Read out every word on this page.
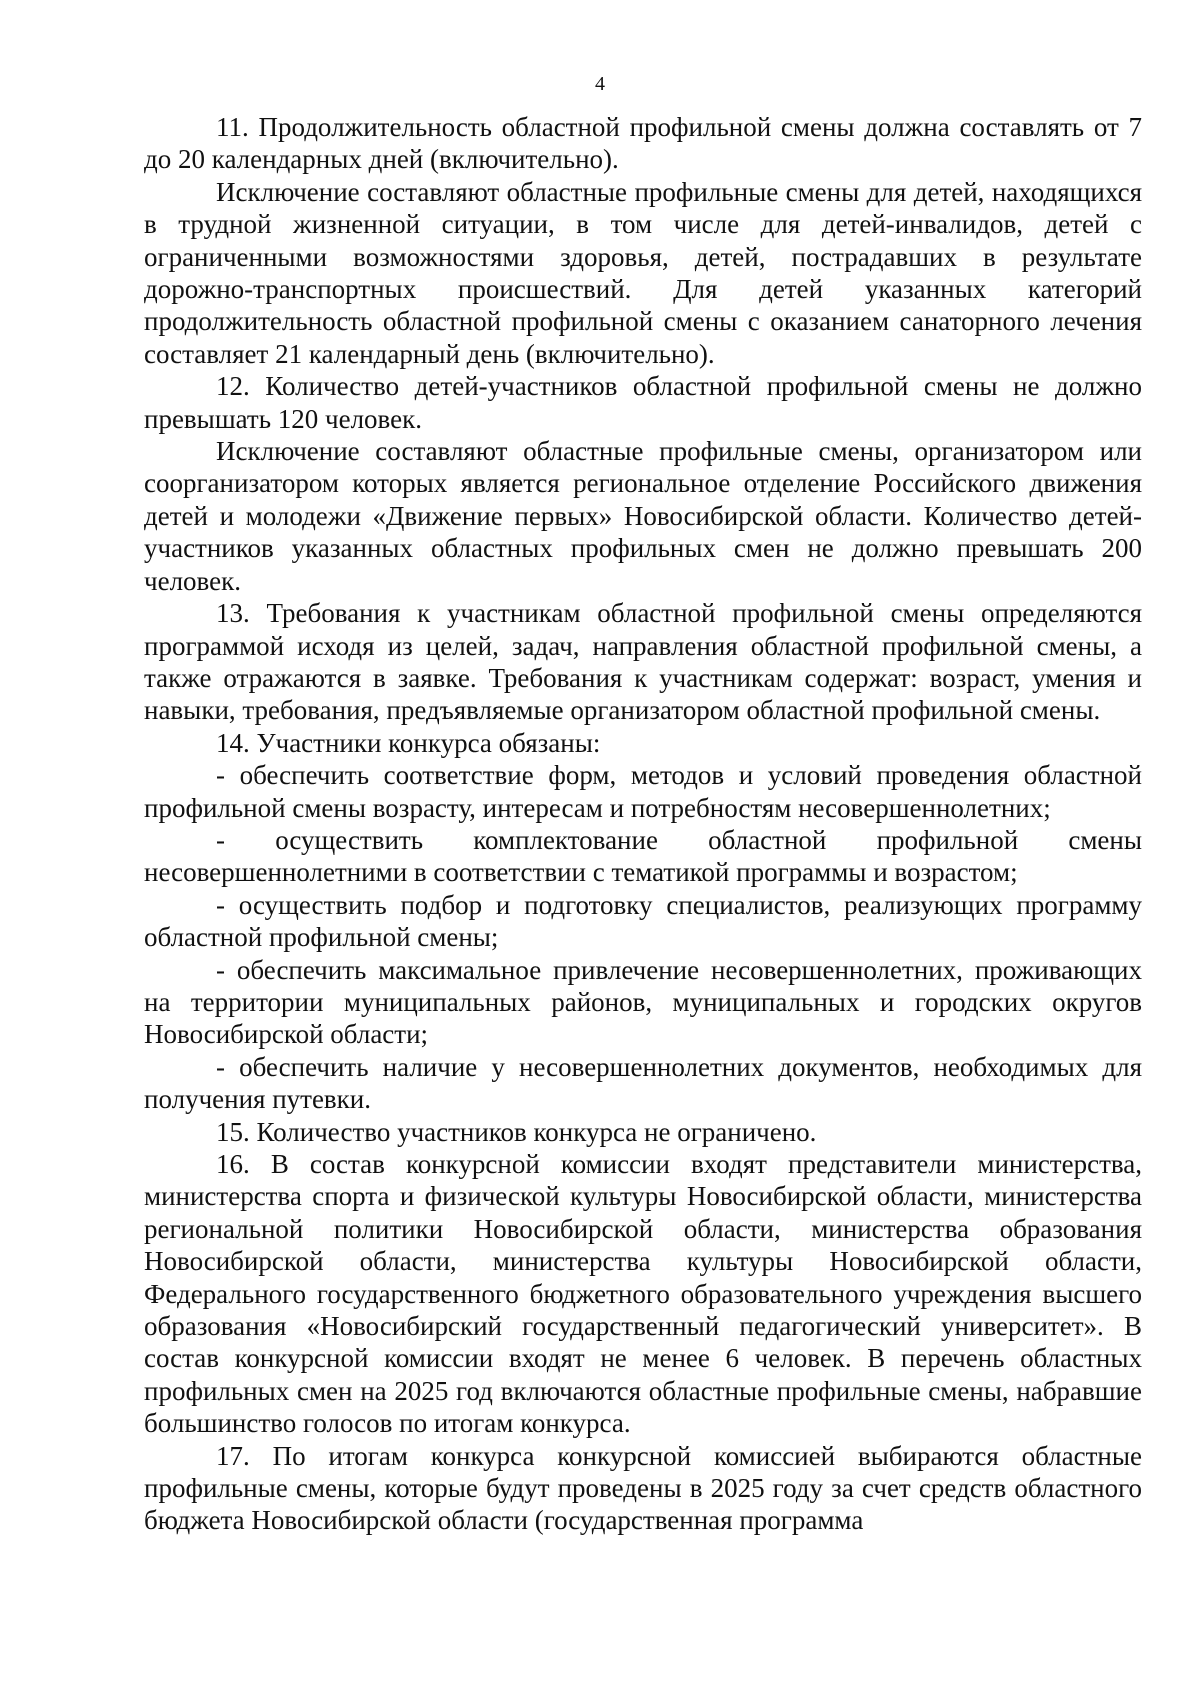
4

11. Продолжительность областной профильной смены должна составлять от 7 до 20 календарных дней (включительно).

Исключение составляют областные профильные смены для детей, находящихся в трудной жизненной ситуации, в том числе для детей-инвалидов, детей с ограниченными возможностями здоровья, детей, пострадавших в результате дорожно-транспортных происшествий. Для детей указанных категорий продолжительность областной профильной смены с оказанием санаторного лечения составляет 21 календарный день (включительно).

12. Количество детей-участников областной профильной смены не должно превышать 120 человек.

Исключение составляют областные профильные смены, организатором или соорганизатором которых является региональное отделение Российского движения детей и молодежи «Движение первых» Новосибирской области. Количество детей-участников указанных областных профильных смен не должно превышать 200 человек.

13. Требования к участникам областной профильной смены определяются программой исходя из целей, задач, направления областной профильной смены, а также отражаются в заявке. Требования к участникам содержат: возраст, умения и навыки, требования, предъявляемые организатором областной профильной смены.

14. Участники конкурса обязаны:

- обеспечить соответствие форм, методов и условий проведения областной профильной смены возрасту, интересам и потребностям несовершеннолетних;

- осуществить комплектование областной профильной смены несовершеннолетними в соответствии с тематикой программы и возрастом;

- осуществить подбор и подготовку специалистов, реализующих программу областной профильной смены;

- обеспечить максимальное привлечение несовершеннолетних, проживающих на территории муниципальных районов, муниципальных и городских округов Новосибирской области;

- обеспечить наличие у несовершеннолетних документов, необходимых для получения путевки.

15. Количество участников конкурса не ограничено.

16. В состав конкурсной комиссии входят представители министерства, министерства спорта и физической культуры Новосибирской области, министерства региональной политики Новосибирской области, министерства образования Новосибирской области, министерства культуры Новосибирской области, Федерального государственного бюджетного образовательного учреждения высшего образования «Новосибирский государственный педагогический университет». В состав конкурсной комиссии входят не менее 6 человек. В перечень областных профильных смен на 2025 год включаются областные профильные смены, набравшие большинство голосов по итогам конкурса.

17. По итогам конкурса конкурсной комиссией выбираются областные профильные смены, которые будут проведены в 2025 году за счет средств областного бюджета Новосибирской области (государственная программа
